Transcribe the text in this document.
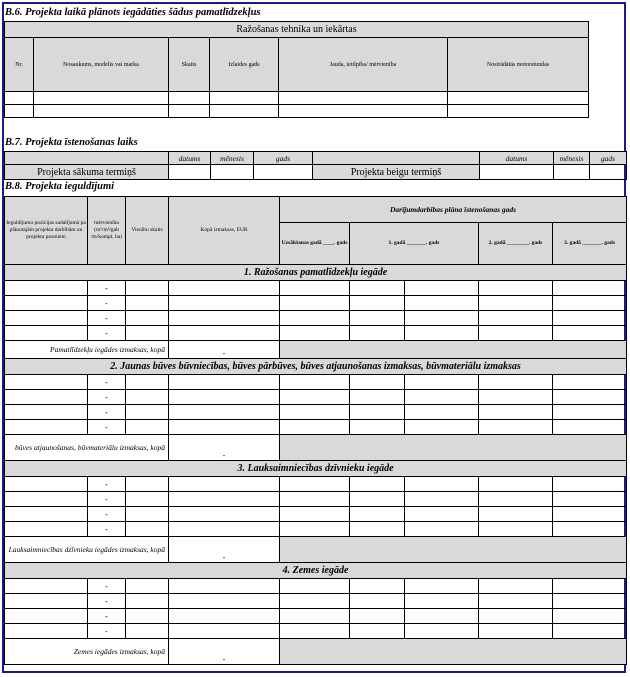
B.6. Projekta laikā plānots iegādāties šādus pamatlīdzekļus
Ražošanas tehnika un iekārtas					
Nr.	Nosaukums, modelis vai marka	Skaits	Izlaides gads	Jauda, ietilpība/ mērvienība	Nostrādātās motorstundas

B.7. Projekta īstenošanas laiks
	datums	mēnesis	gads		datums	mēnesis	gads
Projekta sākuma termiņš				Projekta beigu termiņš			
B.8. Projekta ieguldījumi
Ieguldījumu pozīcijas sadalījumā pa plānotajām projekta darbībām un projekta posmiem	mērvienība (m²/m³/gab /m/kompl, ha)	Vienību skaits	Kopā izmaksas, EUR	Darījumdarbības plāna īstenošanas gads				
				Uzsākšanas gadā ____. gads	1. gadā _______. gads		2. gadā ________. gads	3. gadā _______. gads
1. Ražošanas pamatlīdzekļu iegāde								
	-							
	-							
	-							
	-							
Pamatlīdzekļu iegādes izmaksas, kopā			-					
2. Jaunas būves būvniecības, būves pārbūves, būves atjaunošanas izmaksas, būvmateriālu izmaksas								
	-							
	-							
	-							
	-							
būves atjaunošanas, būvmateriālu izmaksas, kopā			-					
3. Lauksaimniecības dzīvnieku iegāde								
	-							
	-							
	-							
	-							
Lauksaimniecības dzīvnieku iegādes izmaksas, kopā			-					
4. Zemes iegāde								
	-							
	-							
	-							
	-							
Zemes iegādes izmaksas, kopā			-					
